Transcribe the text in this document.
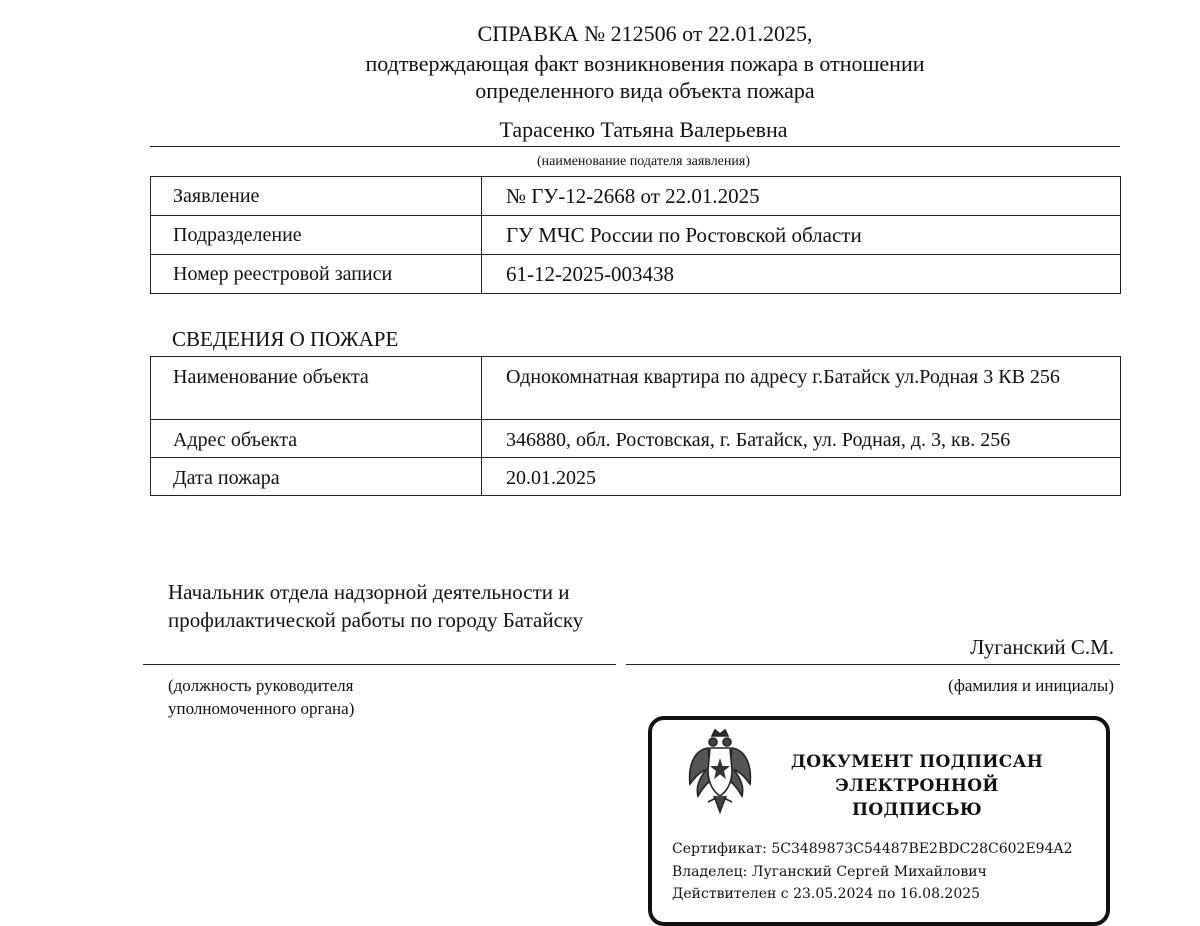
СПРАВКА № 212506 от 22.01.2025,
подтверждающая факт возникновения пожара в отношении
определенного вида объекта пожара
Тарасенко Татьяна Валерьевна
(наименование подателя заявления)
Заявление	№ ГУ-12-2668 от 22.01.2025
Подразделение	ГУ МЧС России по Ростовской области
Номер реестровой записи	61-12-2025-003438
СВЕДЕНИЯ О ПОЖАРЕ
Наименование объекта	Однокомнатная квартира по адресу г.Батайск ул.Родная 3 КВ 256
Адрес объекта	346880, обл. Ростовская, г. Батайск, ул. Родная, д. 3, кв. 256
Дата пожара	20.01.2025
Начальник отдела надзорной деятельности и профилактической работы по городу Батайску
Луганский С.М.
(должность руководителя уполномоченного органа)
(фамилия и инициалы)
ДОКУМЕНТ ПОДПИСАН
ЭЛЕКТРОННОЙ ПОДПИСЬЮ
Сертификат: 5C3489873C54487BE2BDC28C602E94A2
Владелец: Луганский Сергей Михайлович
Действителен с 23.05.2024 по 16.08.2025
